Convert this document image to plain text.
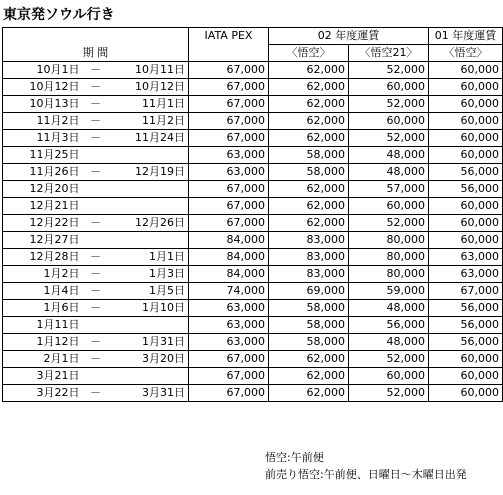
東京発ソウル行き
			IATA PEX	02 年度運賃		01 年度運賃
期 間				〈悟空〉	〈悟空21〉	〈悟空〉
10月1日	－	10月11日	67,000	62,000	52,000	60,000
10月12日	－	10月12日	67,000	62,000	60,000	60,000
10月13日	－	11月1日	67,000	62,000	52,000	60,000
11月2日	－	11月2日	67,000	62,000	60,000	60,000
11月3日	－	11月24日	67,000	62,000	52,000	60,000
11月25日			63,000	58,000	48,000	60,000
11月26日	－	12月19日	63,000	58,000	48,000	56,000
12月20日			67,000	62,000	57,000	56,000
12月21日			67,000	62,000	60,000	60,000
12月22日	－	12月26日	67,000	62,000	52,000	60,000
12月27日			84,000	83,000	80,000	60,000
12月28日	－	1月1日	84,000	83,000	80,000	63,000
1月2日	－	1月3日	84,000	83,000	80,000	63,000
1月4日	－	1月5日	74,000	69,000	59,000	67,000
1月6日	－	1月10日	63,000	58,000	48,000	56,000
1月11日			63,000	58,000	56,000	56,000
1月12日	－	1月31日	63,000	58,000	48,000	56,000
2月1日	－	3月20日	67,000	62,000	52,000	60,000
3月21日			67,000	62,000	60,000	60,000
3月22日	－	3月31日	67,000	62,000	52,000	60,000
悟空:午前便
前売り悟空:午前便、日曜日～木曜日出発
